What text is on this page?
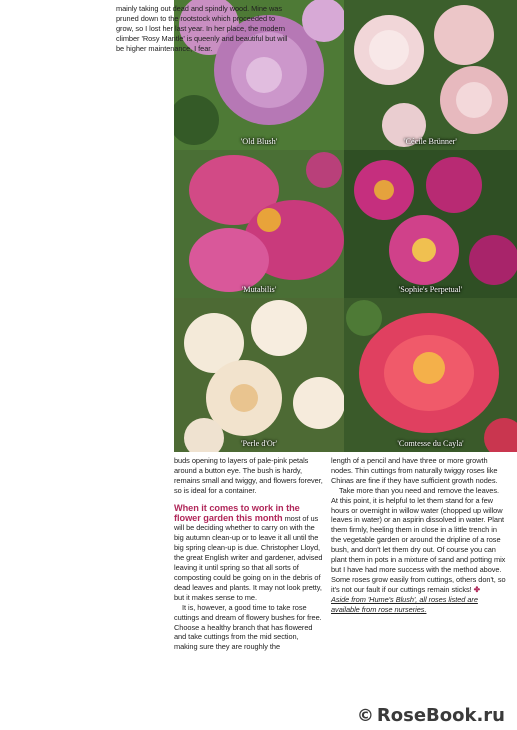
'Old Blush'	'Cécile Brünner'
'Mutabilis'	'Sophie's Perpetual'
'Perle d'Or'	'Comtesse du Cayla'

mainly taking out dead and spindly wood. Mine was pruned down to the rootstock which proceeded to grow, so I lost her last year. In her place, the modern climber 'Rosy Mantle' is queenly and beautiful but will be higher maintenance, I fear.

buds opening to layers of pale-pink petals around a button eye. The bush is hardy, remains small and twiggy, and flowers forever, so is ideal for a container.

When it comes to work in the flower garden this month most of us will be deciding whether to carry on with the big autumn clean-up or to leave it all until the big spring clean-up is due. Christopher Lloyd, the great English writer and gardener, advised leaving it until spring so that all sorts of composting could be going on in the debris of dead leaves and plants. It may not look pretty, but it makes sense to me.

It is, however, a good time to take rose cuttings and dream of flowery bushes for free. Choose a healthy branch that has flowered and take cuttings from the mid section, making sure they are roughly the

length of a pencil and have three or more growth nodes. Thin cuttings from naturally twiggy roses like Chinas are fine if they have sufficient growth nodes.

Take more than you need and remove the leaves. At this point, it is helpful to let them stand for a few hours or overnight in willow water (chopped up willow leaves in water) or an aspirin dissolved in water. Plant them firmly, heeling them in close in a little trench in the vegetable garden or around the dripline of a rose bush, and don't let them dry out. Of course you can plant them in pots in a mixture of sand and potting mix but I have had more success with the method above. Some roses grow easily from cuttings, others don't, so it's not our fault if our cuttings remain sticks! ✤

Aside from 'Hume's Blush', all roses listed are available from rose nurseries.

© RoseBook.ru
